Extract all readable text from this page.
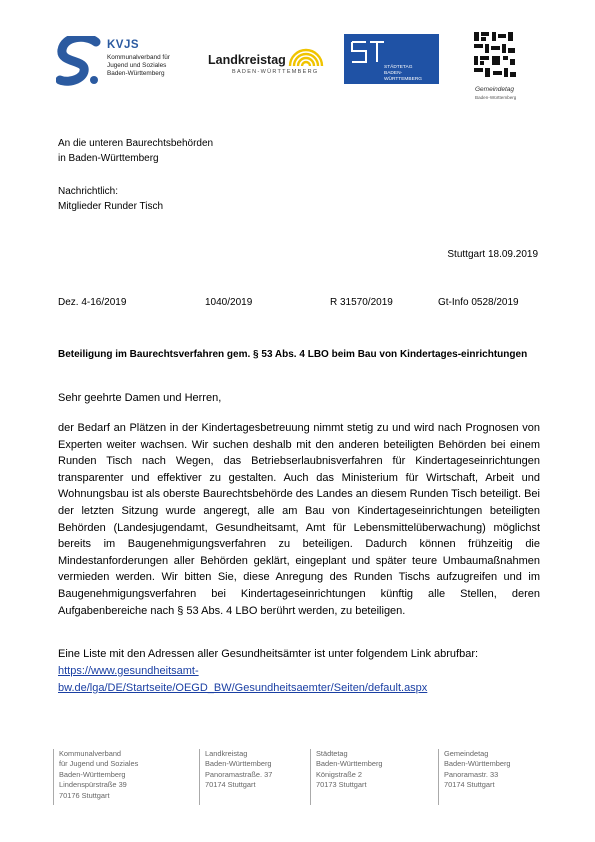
KVJS
Kommunalverband für
Jugend und Soziales
Baden-Württemberg
Landkreistag
BADEN-WÜRTTEMBERG
STÄDTETAG
BADEN-WÜRTTEMBERG
Gemeindetag
Baden-Württemberg
An die unteren Baurechtsbehörden
in Baden-Württemberg
Nachrichtlich:
Mitglieder Runder Tisch
Stuttgart 18.09.2019
Dez. 4-16/2019	1040/2019	R 31570/2019	Gt-Info 0528/2019
Beteiligung im Baurechtsverfahren gem. § 53 Abs. 4 LBO beim Bau von Kindertages-einrichtungen
Sehr geehrte Damen und Herren,
der Bedarf an Plätzen in der Kindertagesbetreuung nimmt stetig zu und wird nach Prognosen von Experten weiter wachsen. Wir suchen deshalb mit den anderen beteiligten Behörden bei einem Runden Tisch nach Wegen, das Betriebserlaubnisverfahren für Kindertageseinrichtungen transparenter und effektiver zu gestalten. Auch das Ministerium für Wirtschaft, Arbeit und Wohnungsbau ist als oberste Baurechtsbehörde des Landes an diesem Runden Tisch beteiligt. Bei der letzten Sitzung wurde angeregt, alle am Bau von Kindertageseinrichtungen beteiligten Behörden (Landesjugendamt, Gesundheitsamt, Amt für Lebensmittelüberwachung) möglichst bereits im Baugenehmigungsverfahren zu beteiligen. Dadurch können frühzeitig die Mindestanforderungen aller Behörden geklärt, eingeplant und später teure Umbaumaßnahmen vermieden werden. Wir bitten Sie, diese Anregung des Runden Tischs aufzugreifen und im Baugenehmigungsverfahren bei Kindertageseinrichtungen künftig alle Stellen, deren Aufgabenbereiche nach § 53 Abs. 4 LBO berührt werden, zu beteiligen.
Eine Liste mit den Adressen aller Gesundheitsämter ist unter folgendem Link abrufbar:
https://www.gesundheitsamt-
bw.de/lga/DE/Startseite/OEGD_BW/Gesundheitsaemter/Seiten/default.aspx
Kommunalverband
für Jugend und Soziales
Baden-Württemberg
Lindenspürstraße 39
70176 Stuttgart
Landkreistag
Baden-Württemberg
Panoramastraße. 37
70174 Stuttgart
Städtetag
Baden-Württemberg
Königstraße 2
70173 Stuttgart
Gemeindetag
Baden-Württemberg
Panoramastr. 33
70174 Stuttgart
